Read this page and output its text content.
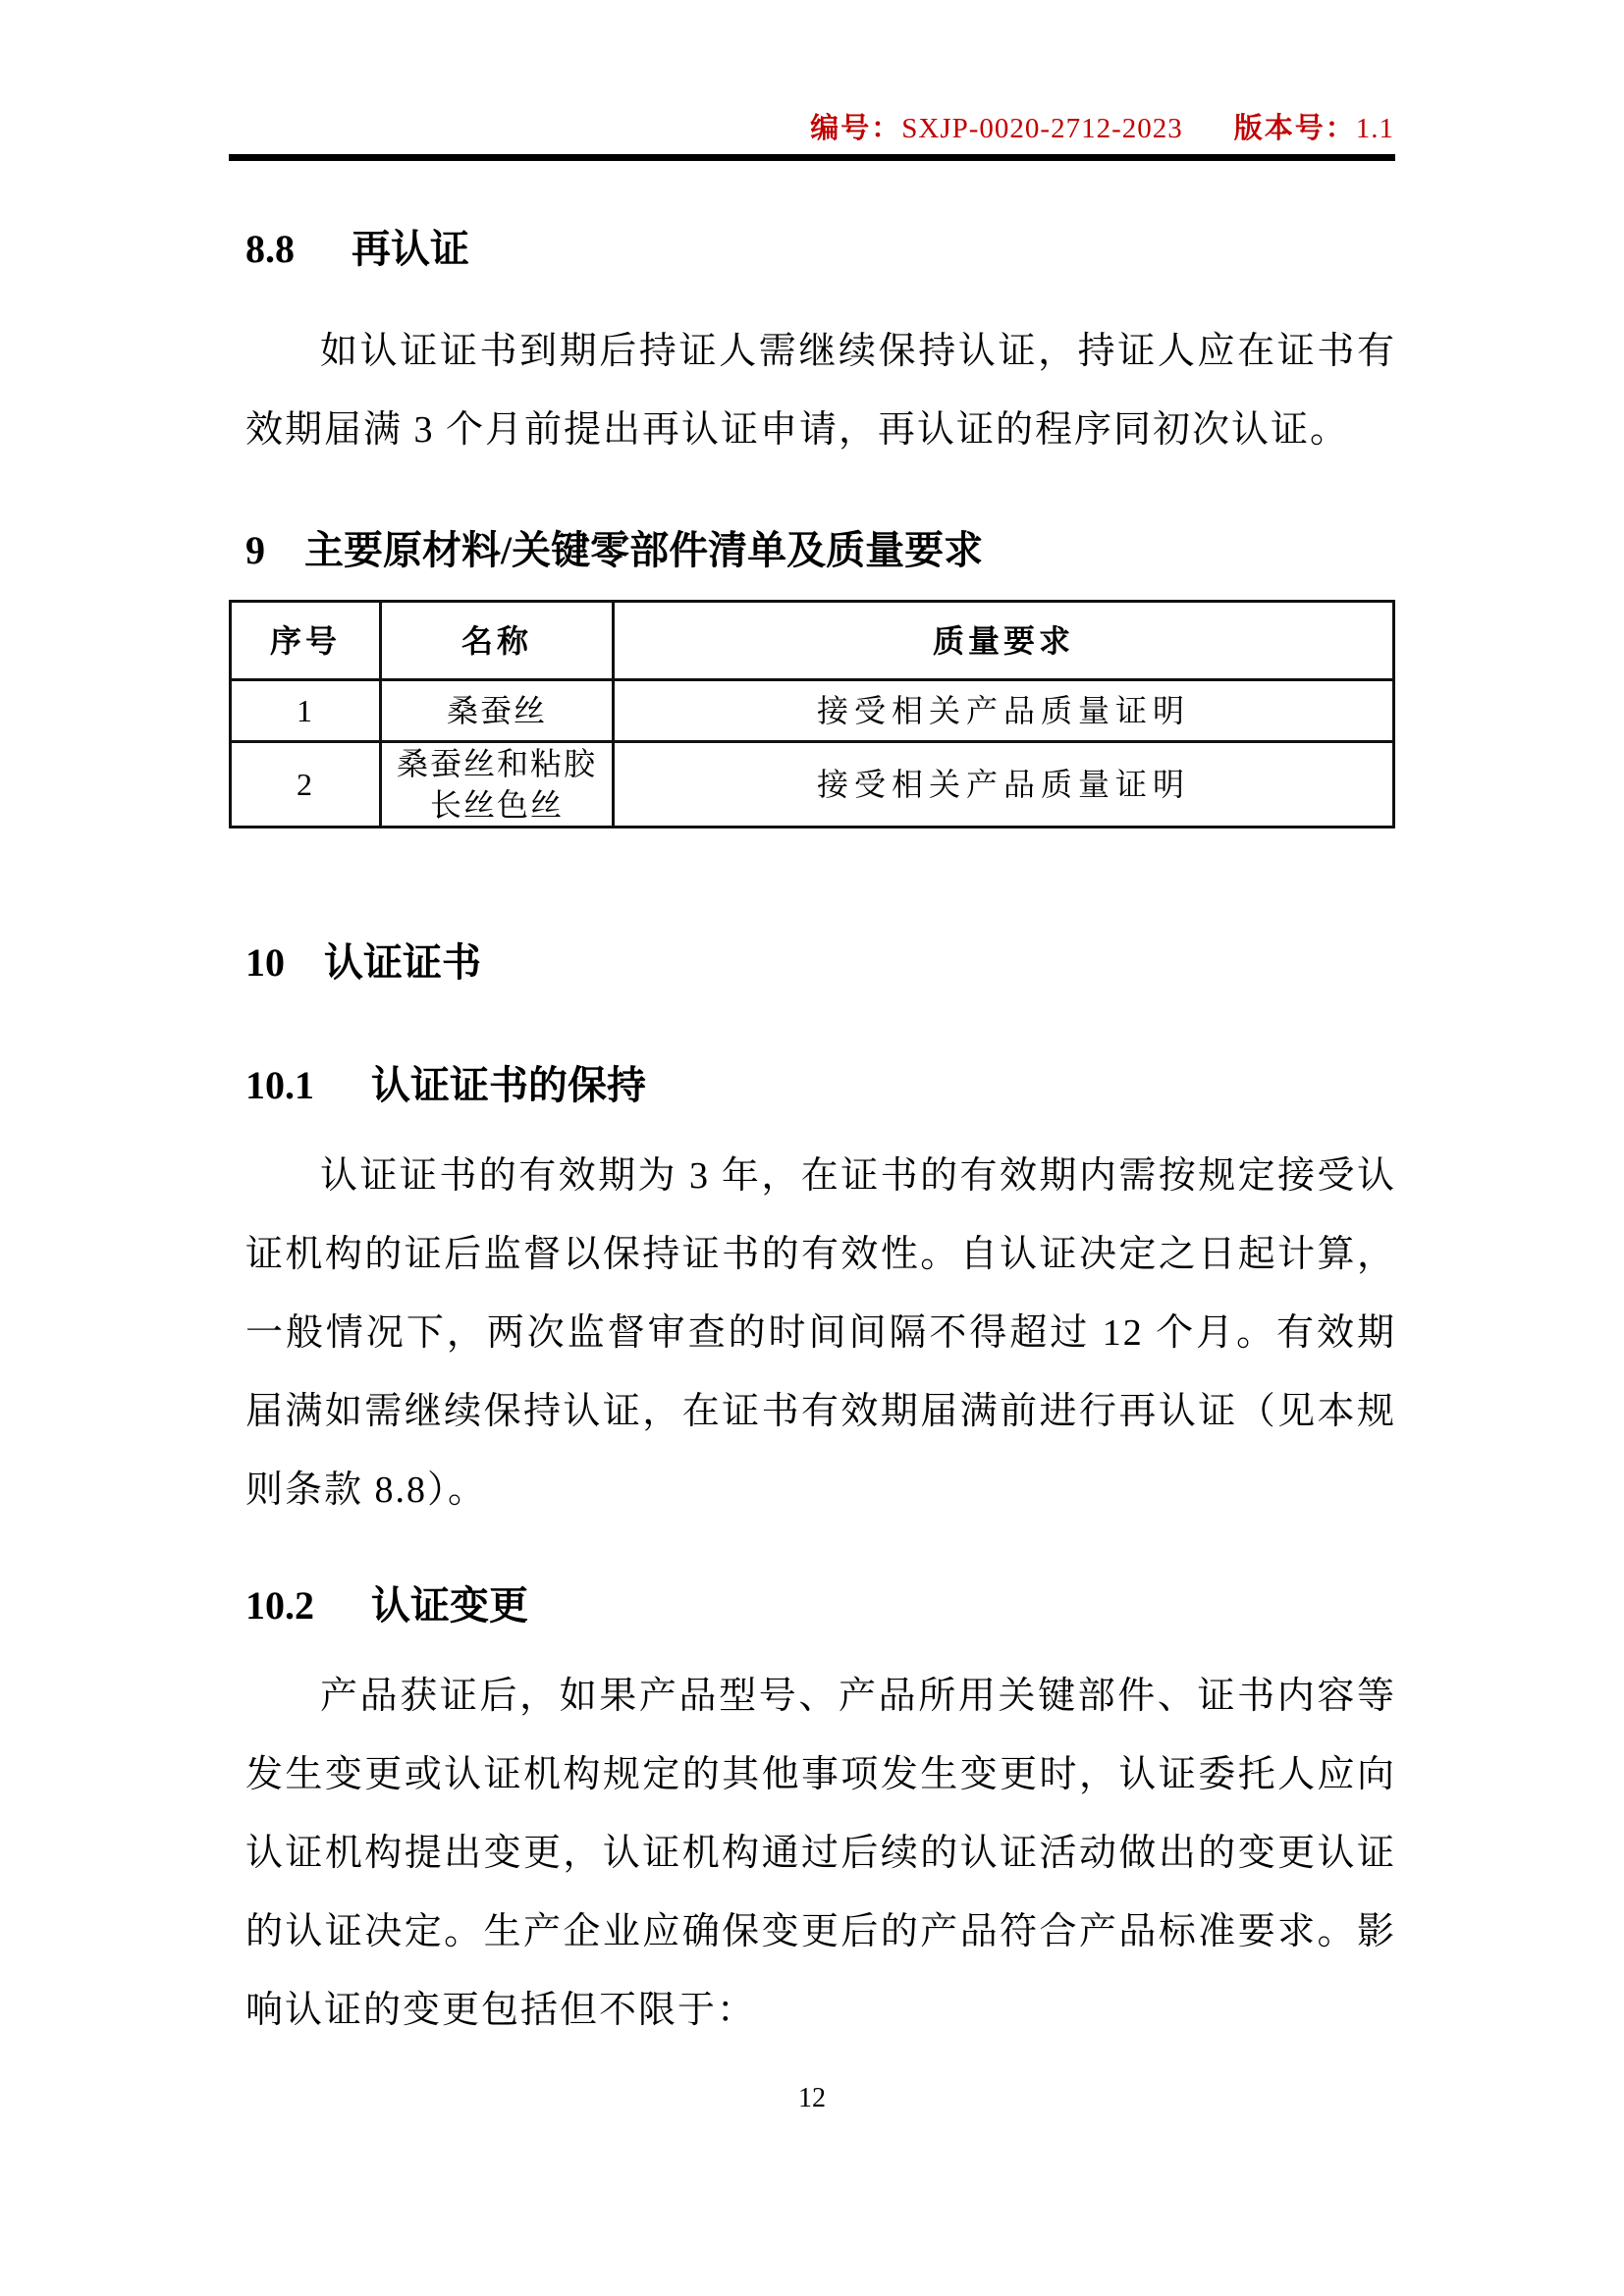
编号： SXJP-0020-2712-2023 版本号： 1.1
8.8 再认证

如认证证书到期后持证人需继续保持认证，持证人应在证书有效期届满 3 个月前提出再认证申请，再认证的程序同初次认证。

9 主要原材料/关键零部件清单及质量要求
序号	名称	质量要求
1	桑蚕丝	接受相关产品质量证明
2	桑蚕丝和粘胶长丝色丝	接受相关产品质量证明
10 认证证书
10.1 认证证书的保持

认证证书的有效期为 3 年，在证书的有效期内需按规定接受认证机构的证后监督以保持证书的有效性。自认证决定之日起计算，一般情况下，两次监督审查的时间间隔不得超过 12 个月。有效期届满如需继续保持认证，在证书有效期届满前进行再认证（见本规则条款 8.8）。

10.2 认证变更

产品获证后，如果产品型号、产品所用关键部件、证书内容等发生变更或认证机构规定的其他事项发生变更时，认证委托人应向认证机构提出变更，认证机构通过后续的认证活动做出的变更认证的认证决定。生产企业应确保变更后的产品符合产品标准要求。影响认证的变更包括但不限于：

12
